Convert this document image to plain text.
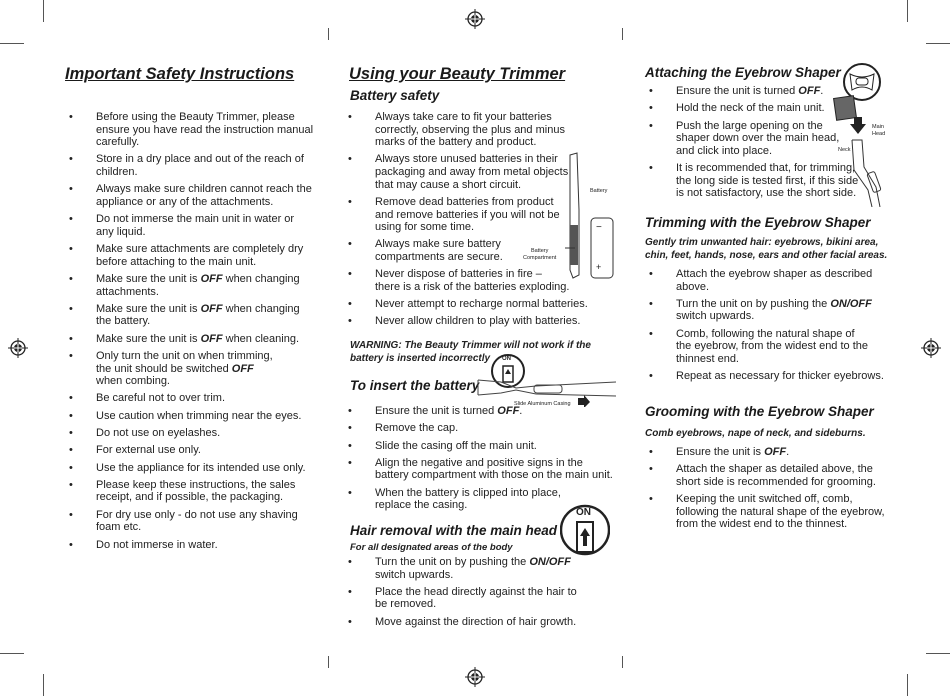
Important Safety Instructions
• Before using the Beauty Trimmer, please
ensure you have read the instruction manual
carefully.
• Store in a dry place and out of the reach of
children.
• Always make sure children cannot reach the
appliance or any of the attachments.
• Do not immerse the main unit in water or
any liquid.
• Make sure attachments are completely dry
before attaching to the main unit.
• Make sure the unit is OFF when changing
attachments.
• Make sure the unit is OFF when changing
the battery.
• Make sure the unit is OFF when cleaning.
• Only turn the unit on when trimming,
the unit should be switched OFF
when combing.
• Be careful not to over trim.
• Use caution when trimming near the eyes.
• Do not use on eyelashes.
• For external use only.
• Use the appliance for its intended use only.
• Please keep these instructions, the sales
receipt, and if possible, the packaging.
• For dry use only - do not use any shaving
foam etc.
• Do not immerse in water.
Using your Beauty Trimmer
Battery safety
• Always take care to fit your batteries
correctly, observing the plus and minus
marks of the battery and product.
• Always store unused batteries in their
packaging and away from metal objects
that may cause a short circuit.
• Remove dead batteries from product
and remove batteries if you will not be
using for some time.
• Always make sure battery
compartments are secure.
• Never dispose of batteries in fire –
there is a risk of the batteries exploding.
• Never attempt to recharge normal batteries.
• Never allow children to play with batteries.
Battery
Battery
Compartment
−
+
WARNING: The Beauty Trimmer will not work if the
battery is inserted incorrectly
To insert the battery
Slide Aluminum Casing
ON
• Ensure the unit is turned OFF.
• Remove the cap.
• Slide the casing off the main unit.
• Align the negative and positive signs in the
battery compartment with those on the main unit.
• When the battery is clipped into place,
replace the casing.
Hair removal with the main head
For all designated areas of the body
ON
• Turn the unit on by pushing the ON/OFF
switch upwards.
• Place the head directly against the hair to
be removed.
• Move against the direction of hair growth.
Attaching the Eyebrow Shaper
Main
Head
Neck
• Ensure the unit is turned OFF.
• Hold the neck of the main unit.
• Push the large opening on the
shaper down over the main head,
and click into place.
• It is recommended that, for trimming,
the long side is tested first, if this side
is not satisfactory, use the short side.
Trimming with the Eyebrow Shaper
Gently trim unwanted hair: eyebrows, bikini area,
chin, feet, hands, nose, ears and other facial areas.
• Attach the eyebrow shaper as described above.
• Turn the unit on by pushing the ON/OFF
switch upwards.
• Comb, following the natural shape of
the eyebrow, from the widest end to the
thinnest end.
• Repeat as necessary for thicker eyebrows.
Grooming with the Eyebrow Shaper
Comb eyebrows, nape of neck, and sideburns.
• Ensure the unit is OFF.
• Attach the shaper as detailed above, the
short side is recommended for grooming.
• Keeping the unit switched off, comb,
following the natural shape of the eyebrow,
from the widest end to the thinnest.
